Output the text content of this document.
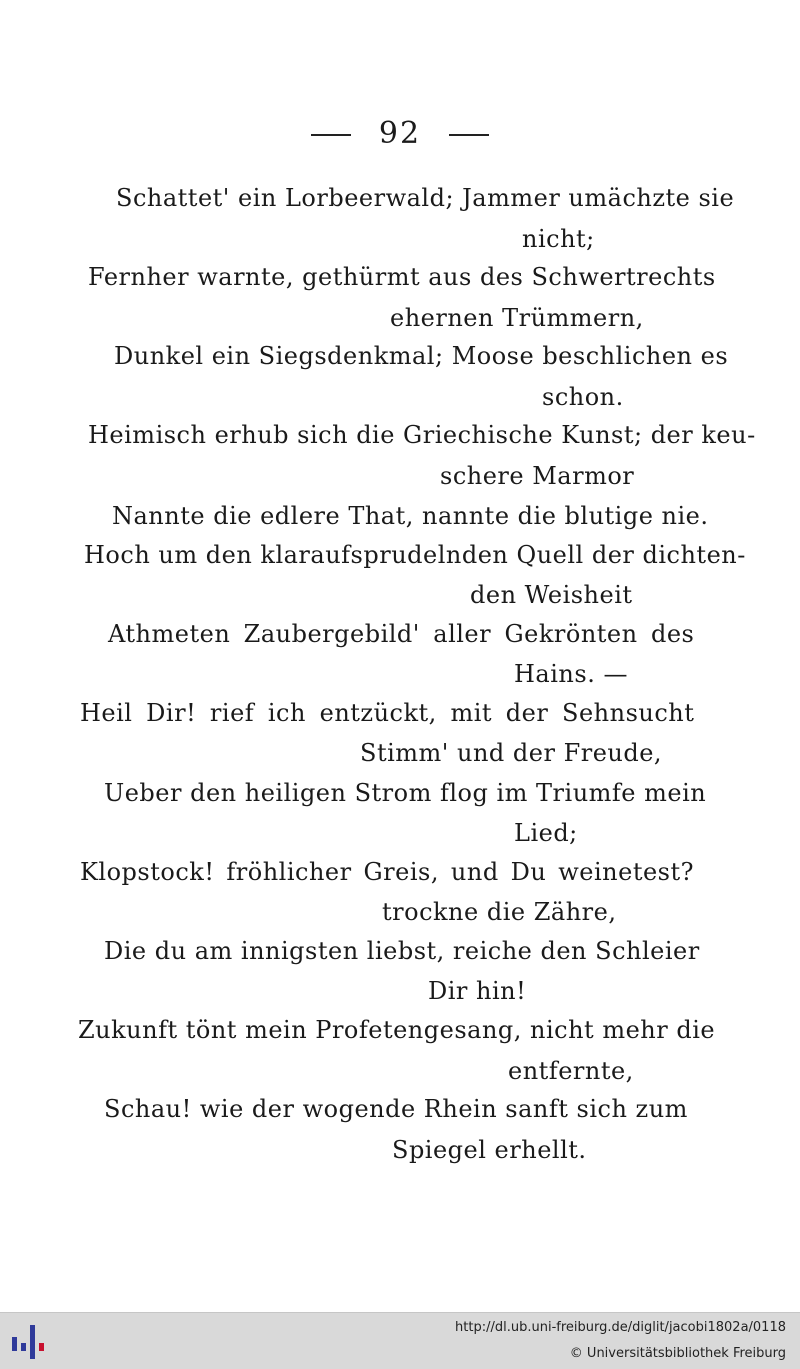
92
Schattet' ein Lorbeerwald; Jammer umächzte sie
nicht;
Fernher warnte, gethürmt aus des Schwertrechts
ehernen Trümmern,
Dunkel ein Siegsdenkmal; Moose beschlichen es
schon.
Heimisch erhub sich die Griechische Kunst; der keu-
schere Marmor
Nannte die edlere That, nannte die blutige nie.
Hoch um den klaraufsprudelnden Quell der dichten-
den Weisheit
Athmeten Zaubergebild' aller Gekrönten des
Hains. —
Heil Dir! rief ich entzückt, mit der Sehnsucht
Stimm' und der Freude,
Ueber den heiligen Strom flog im Triumfe mein
Lied;
Klopstock! fröhlicher Greis, und Du weinetest?
trockne die Zähre,
Die du am innigsten liebst, reiche den Schleier
Dir hin!
Zukunft tönt mein Profetengesang, nicht mehr die
entfernte,
Schau! wie der wogende Rhein sanft sich zum
Spiegel erhellt.
http://dl.ub.uni-freiburg.de/diglit/jacobi1802a/0118
© Universitätsbibliothek Freiburg
